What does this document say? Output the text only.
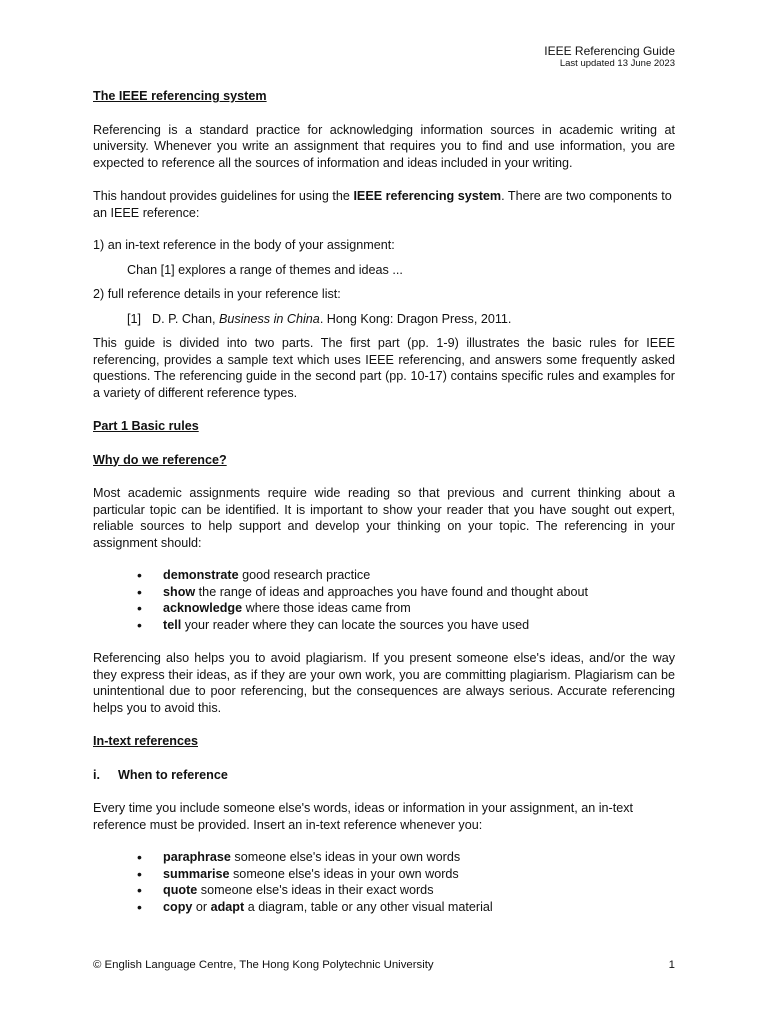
IEEE Referencing Guide
Last updated 13 June 2023

The IEEE referencing system

Referencing is a standard practice for acknowledging information sources in academic writing at university. Whenever you write an assignment that requires you to find and use information, you are expected to reference all the sources of information and ideas included in your writing.

This handout provides guidelines for using the IEEE referencing system. There are two components to an IEEE reference:

1) an in-text reference in the body of your assignment:

Chan [1] explores a range of themes and ideas ...

2) full reference details in your reference list:

[1] D. P. Chan, Business in China. Hong Kong: Dragon Press, 2011.

This guide is divided into two parts. The first part (pp. 1-9) illustrates the basic rules for IEEE referencing, provides a sample text which uses IEEE referencing, and answers some frequently asked questions. The referencing guide in the second part (pp. 10-17) contains specific rules and examples for a variety of different reference types.

Part 1 Basic rules

Why do we reference?

Most academic assignments require wide reading so that previous and current thinking about a particular topic can be identified. It is important to show your reader that you have sought out expert, reliable sources to help support and develop your thinking on your topic. The referencing in your assignment should:

• demonstrate good research practice
• show the range of ideas and approaches you have found and thought about
• acknowledge where those ideas came from
• tell your reader where they can locate the sources you have used

Referencing also helps you to avoid plagiarism. If you present someone else's ideas, and/or the way they express their ideas, as if they are your own work, you are committing plagiarism. Plagiarism can be unintentional due to poor referencing, but the consequences are always serious. Accurate referencing helps you to avoid this.

In-text references

i.	When to reference

Every time you include someone else's words, ideas or information in your assignment, an in-text reference must be provided. Insert an in-text reference whenever you:

• paraphrase someone else's ideas in your own words
• summarise someone else's ideas in your own words
• quote someone else's ideas in their exact words
• copy or adapt a diagram, table or any other visual material
© English Language Centre, The Hong Kong Polytechnic University	1
